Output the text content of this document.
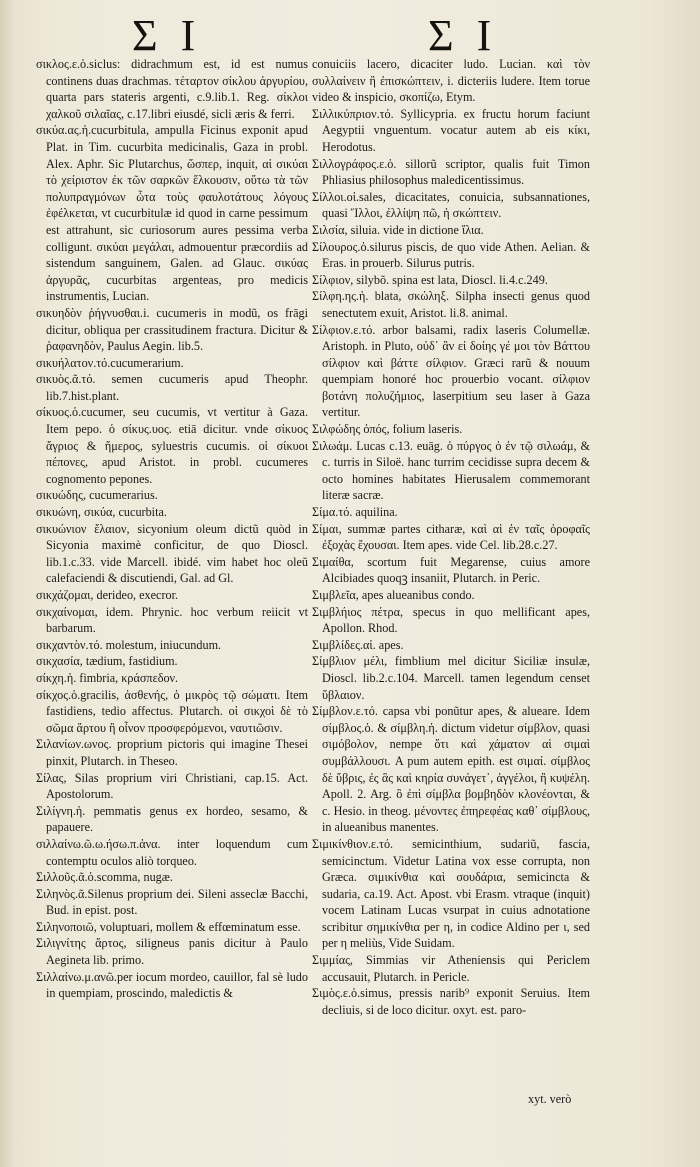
Σ Ι	Σ Ι

σικλος.ε.ὁ.siclus: didrachmum est, id est numus continens duas drachmas. τέταρτον σίκλου ἀργυρίου, quarta pars stateris argenti, c.9.lib.1. Reg. σίκλοι χαλκοῦ σιλαῖας, c.17.libri eiusdé, sicli æris & ferri.

σικύα.ας.ἡ.cucurbitula, ampulla Ficinus exponit apud Plat. in Tim. cucurbita medicinalis, Gaza in probl. Alex. Aphr. Sic Plutarchus, ὥσπερ, inquit, αἱ σικύαι τὸ χείριστον ἐκ τῶν σαρκῶν ἕλκουσιν, οὕτω τὰ τῶν πολυπραγμόνων ὦτα τοὺς φαυλοτάτους λόγους ἐφέλκεται, vt cucurbitulæ id quod in carne pessimum est attrahunt, sic curiosorum aures pessima verba colligunt. σικύαι μεγάλαι, admouentur præcordiis ad sistendum sanguinem, Galen. ad Glauc. σικύας ἀργυρᾶς, cucurbitas argenteas, pro medicis instrumentis, Lucian.

σικυηδὸν ῥήγνυσθαι.i. cucumeris in modũ, os frāgi dicitur, obliqua per crassitudinem fractura. Dicitur & ῥαφανηδὸν, Paulus Aegin. lib.5.

σικυήλατον.τό.cucumerarium.

σικυὸς.ᾶ.τό. semen cucumeris apud Theophr. lib.7.hist.plant.

σίκυος.ὁ.cucumer, seu cucumis, vt vertitur à Gaza. Item pepo. ὁ σίκυς.υος. etiā dicitur. vnde σίκυος ἄγριος & ἥμερος, syluestris cucumis. οἱ σίκυοι πέπονες, apud Aristot. in probl. cucumeres cognomento pepones.

σικυώδης, cucumerarius.

σικυώνη, σικύα, cucurbita.

σικυώνιον ἔλαιον, sicyonium oleum dictũ quòd in Sicyonia maximè conficitur, de quo Dioscl. lib.1.c.33. vide Marcell. ibidé. vim habet hoc oleũ calefaciendi & discutiendi, Gal. ad Gl.

σικχάζομαι, derideo, execror.

σικχαίνομαι, idem. Phrynic. hoc verbum reiicit vt barbarum.

σικχαντὸν.τό. molestum, iniucundum.

σικχασία, tædium, fastidium.

σίκχη.ἡ. fimbria, κράσπεδον.

σίκχος.ὁ.gracilis, ἀσθενής, ὁ μικρὸς τῷ σώματι. Item fastidiens, tedio affectus. Plutarch. οἱ σικχοὶ δὲ τὸ σῶμα ἄρτου ἢ οἶνον προσφερόμενοι, ναυτιῶσιν.

Σιλανίων.ωνος. proprium pictoris qui imagine Thesei pinxit, Plutarch. in Theseo.

Σίλας, Silas proprium viri Christiani, cap.15. Act. Apostolorum.

Σιλίγνη.ἡ. pemmatis genus ex hordeo, sesamo, & papauere.

σιλλαίνω.ῶ.ω.ήσω.π.ἀνα. inter loquendum cum contemptu oculos aliò torqueo.

Σιλλοῦς.ᾶ.ὁ.scomma, nugæ.

Σιληνὸς.ᾶ.Silenus proprium dei. Sileni asseclæ Bacchi, Bud. in epist. post.

Σιληνοποιῶ, voluptuari, mollem & effœminatum esse.

Σιλιγνίτης ἄρτος, siligneus panis dicitur à Paulo Aegineta lib. primo.

Σιλλαίνω.μ.ανῶ.per iocum mordeo, cauillor, fal sè ludo in quempiam, proscindo, maledictis &

conuiciis lacero, dicaciter ludo. Lucian. καὶ τὸν συλλαίνειν ἢ ἐπισκώπτειν, i. dicteriis ludere. Item torue video & inspicio, σκοπίζω, Etym.

Σιλλικύπριον.τό. Syllicypria. ex fructu horum faciunt Aegyptii vnguentum. vocatur autem ab eis κίκι, Herodotus.

Σιλλογράφος.ε.ὁ. sillorũ scriptor, qualis fuit Timon Phliasius philosophus maledicentissimus.

Σίλλοι.οἱ.sales, dicacitates, conuicia, subsannationes, quasi Ἴλλοι, ἐλλίψη πῶ, ἡ σκώπτειν.

Σιλσία, siluia. vide in dictione ἴλια.

Σίλουρος.ὁ.silurus piscis, de quo vide Athen. Aelian. & Eras. in prouerb. Silurus putris.

Σίλφιον, silybõ. spina est lata, Dioscl. li.4.c.249.

Σίλφη.ης.ἡ. blata, σκώληξ. Silpha insecti genus quod senectutem exuit, Aristot. li.8. animal.

Σίλφιον.ε.τό. arbor balsami, radix laseris Columellæ. Aristoph. in Pluto, οὐδ᾿ ἂν εἰ δοίης γέ μοι τὸν Βάττου σίλφιον καὶ βάττε σίλφιον. Græci rarũ & nouum quempiam honoré hoc prouerbio vocant. σίλφιον βοτάνη πολυζήμιος, laserpitium seu laser à Gaza vertitur.

Σιλφώδης ὀπός, folium laseris.

Σιλωάμ. Lucas c.13. euāg. ὁ πύργος ὁ ἐν τῷ σιλωάμ, & c. turris in Siloë. hanc turrim cecidisse supra decem & octo homines habitates Hierusalem commemorant literæ sacræ.

Σίμα.τό. aquilina.

Σίμαι, summæ partes citharæ, καὶ αἱ ἐν ταῖς ὀροφαῖς ἐξοχὰς ἔχουσαι. Item apes. vide Cel. lib.28.c.27.

Σιμαίθα, scortum fuit Megarense, cuius amore Alcibiades quoqꝫ insaniit, Plutarch. in Peric.

Σιμβλεῖα, apes alueanibus condo.

Σιμβλήιος πέτρα, specus in quo mellificant apes, Apollon. Rhod.

Σιμβλίδες.αἱ. apes.

Σίμβλιον μέλι, fimblium mel dicitur Siciliæ insulæ, Dioscl. lib.2.c.104. Marcell. tamen legendum censet ὕβλαιον.

Σίμβλον.ε.τό. capsa vbi ponũtur apes, & aluearе. Idem σίμβλος.ὁ. & σίμβλη.ἡ. dictum videtur σίμβλον, quasi σιμόβολον, nempe ὅτι καὶ χάματον αἱ σιμαὶ συμβάλλουσι. A pum autem epith. est σιμαί. σίμβλος δὲ ὕβρις, ἐς ἃς καὶ κηρία συνάγετ᾿, ἀγγέλοι, ἢ κυψέλη. Apoll. 2. Arg. ὃ ἐπὶ σίμβλα βομβηδὸν κλονέονται, & c. Hesio. in theog. μένοντες ἐπηρεφέας καθ᾿ σίμβλους, in alueanibus manentes.

Σιμικίνθιον.ε.τό. semicinthium, sudariũ, fascia, semicinctum. Videtur Latina vox esse corrupta, non Græca. σιμικίνθια καὶ σουδάρια, semicincta & sudaria, ca.19. Act. Apost. vbi Erasm. vtraque (inquit) vocem Latinam Lucas vsurpat in cuius adnotatione scribitur σημικίνθια per η, in codice Aldino per ι, sed per η meliùs, Vide Suidam.

Σιμμίας, Simmias vir Atheniensis qui Periclem accusauit, Plutarch. in Pericle.

Σιμὸς.ε.ὁ.simus, pressis narib⁹ exponit Seruius. Item decliuis, si de loco dicitur. oxyt. est. paro-

xyt. verò
